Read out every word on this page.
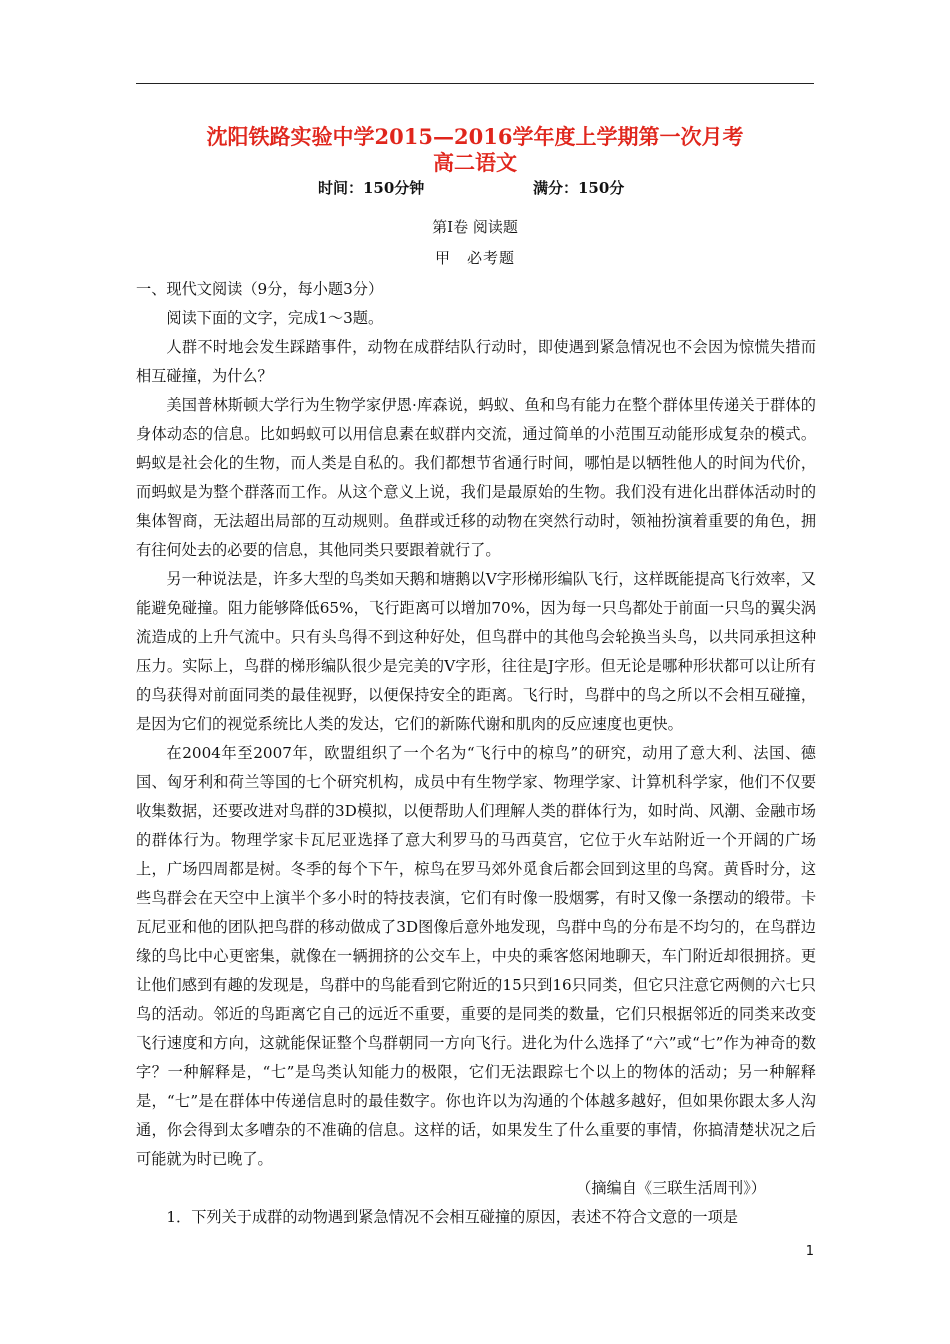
沈阳铁路实验中学2015—2016学年度上学期第一次月考
高二语文
时间：150分钟	满分：150分
第Ⅰ卷 阅读题
甲　必考题

一、现代文阅读（9分，每小题3分）

阅读下面的文字，完成1～3题。

人群不时地会发生踩踏事件，动物在成群结队行动时，即使遇到紧急情况也不会因为惊慌失措而相互碰撞，为什么？

美国普林斯顿大学行为生物学家伊恩·库森说，蚂蚁、鱼和鸟有能力在整个群体里传递关于群体的身体动态的信息。比如蚂蚁可以用信息素在蚁群内交流，通过简单的小范围互动能形成复杂的模式。蚂蚁是社会化的生物，而人类是自私的。我们都想节省通行时间，哪怕是以牺牲他人的时间为代价，而蚂蚁是为整个群落而工作。从这个意义上说，我们是最原始的生物。我们没有进化出群体活动时的集体智商，无法超出局部的互动规则。鱼群或迁移的动物在突然行动时，领袖扮演着重要的角色，拥有往何处去的必要的信息，其他同类只要跟着就行了。

另一种说法是，许多大型的鸟类如天鹅和塘鹅以V字形梯形编队飞行，这样既能提高飞行效率，又能避免碰撞。阻力能够降低65%，飞行距离可以增加70%，因为每一只鸟都处于前面一只鸟的翼尖涡流造成的上升气流中。只有头鸟得不到这种好处，但鸟群中的其他鸟会轮换当头鸟，以共同承担这种压力。实际上，鸟群的梯形编队很少是完美的V字形，往往是J字形。但无论是哪种形状都可以让所有的鸟获得对前面同类的最佳视野，以便保持安全的距离。飞行时，鸟群中的鸟之所以不会相互碰撞，是因为它们的视觉系统比人类的发达，它们的新陈代谢和肌肉的反应速度也更快。

在2004年至2007年，欧盟组织了一个名为“飞行中的椋鸟”的研究，动用了意大利、法国、德国、匈牙利和荷兰等国的七个研究机构，成员中有生物学家、物理学家、计算机科学家，他们不仅要收集数据，还要改进对鸟群的3D模拟，以便帮助人们理解人类的群体行为，如时尚、风潮、金融市场的群体行为。物理学家卡瓦尼亚选择了意大利罗马的马西莫宫，它位于火车站附近一个开阔的广场上，广场四周都是树。冬季的每个下午，椋鸟在罗马郊外觅食后都会回到这里的鸟窝。黄昏时分，这些鸟群会在天空中上演半个多小时的特技表演，它们有时像一股烟雾，有时又像一条摆动的缎带。卡瓦尼亚和他的团队把鸟群的移动做成了3D图像后意外地发现，鸟群中鸟的分布是不均匀的，在鸟群边缘的鸟比中心更密集，就像在一辆拥挤的公交车上，中央的乘客悠闲地聊天，车门附近却很拥挤。更让他们感到有趣的发现是，鸟群中的鸟能看到它附近的15只到16只同类，但它只注意它两侧的六七只鸟的活动。邻近的鸟距离它自己的远近不重要，重要的是同类的数量，它们只根据邻近的同类来改变飞行速度和方向，这就能保证整个鸟群朝同一方向飞行。进化为什么选择了“六”或“七”作为神奇的数字？一种解释是，“七”是鸟类认知能力的极限，它们无法跟踪七个以上的物体的活动；另一种解释是，“七”是在群体中传递信息时的最佳数字。你也许以为沟通的个体越多越好，但如果你跟太多人沟通，你会得到太多嘈杂的不准确的信息。这样的话，如果发生了什么重要的事情，你搞清楚状况之后可能就为时已晚了。

（摘编自《三联生活周刊》）

1．下列关于成群的动物遇到紧急情况不会相互碰撞的原因，表述不符合文意的一项是

1
